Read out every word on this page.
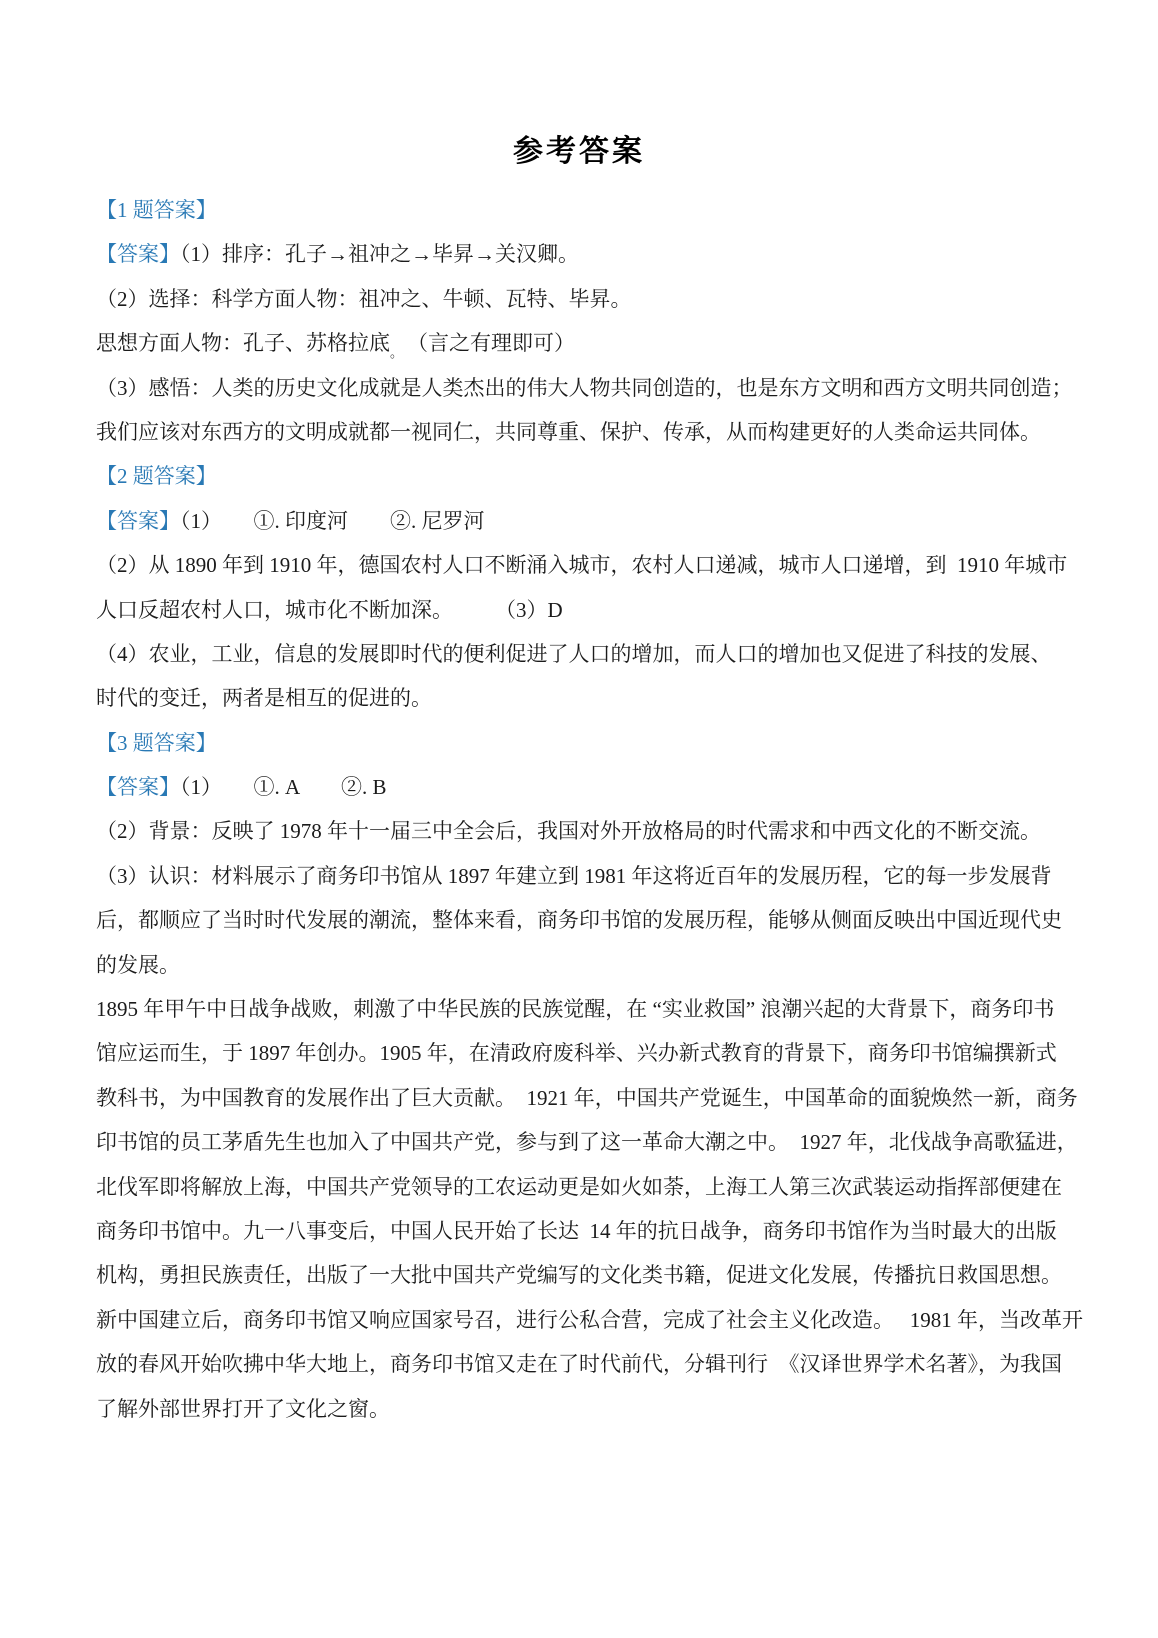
参考答案
【1 题答案】
【答案】（1）排序：孔子→祖冲之→毕昇→关汉卿。
（2）选择：科学方面人物：祖冲之、牛顿、瓦特、毕昇。
思想方面人物：孔子、苏格拉底$_。$　（言之有理即可）
（3）感悟：人类的历史文化成就是人类杰出的伟大人物共同创造的，也是东方文明和西方文明共同创造；
我们应该对东西方的文明成就都一视同仁，共同尊重、保护、传承，从而构建更好的人类命运共同体。
【2 题答案】
【答案】（1）　　①. 印度河　　②. 尼罗河
（2）从 1890 年到 1910 年，德国农村人口不断涌入城市，农村人口递减，城市人口递增，到  1910 年城市
人口反超农村人口，城市化不断加深。　　　（3）D
（4）农业，工业，信息的发展即时代的便利促进了人口的增加，而人口的增加也又促进了科技的发展、
时代的变迁，两者是相互的促进的。
【3 题答案】
【答案】（1）　　①. A　　②. B
（2）背景：反映了 1978 年十一届三中全会后，我国对外开放格局的时代需求和中西文化的不断交流。
（3）认识：材料展示了商务印书馆从 1897 年建立到 1981 年这将近百年的发展历程，它的每一步发展背
后，都顺应了当时时代发展的潮流，整体来看，商务印书馆的发展历程，能够从侧面反映出中国近现代史
的发展。
1895 年甲午中日战争战败，刺激了中华民族的民族觉醒，在 “实业救国” 浪潮兴起的大背景下，商务印书
馆应运而生，于 1897 年创办。1905 年，在清政府废科举、兴办新式教育的背景下，商务印书馆编撰新式
教科书，为中国教育的发展作出了巨大贡献。  1921 年，中国共产党诞生，中国革命的面貌焕然一新，商务
印书馆的员工茅盾先生也加入了中国共产党，参与到了这一革命大潮之中。　1927 年，北伐战争高歌猛进，
北伐军即将解放上海，中国共产党领导的工农运动更是如火如荼，上海工人第三次武装运动指挥部便建在
商务印书馆中。九一八事变后，中国人民开始了长达  14 年的抗日战争，商务印书馆作为当时最大的出版
机构，勇担民族责任，出版了一大批中国共产党编写的文化类书籍，促进文化发展，传播抗日救国思想。
新中国建立后，商务印书馆又响应国家号召，进行公私合营，完成了社会主义化改造。　 1981 年，当改革开
放的春风开始吹拂中华大地上，商务印书馆又走在了时代前代，分辑刊行　《汉译世界学术名著》，为我国
了解外部世界打开了文化之窗。
